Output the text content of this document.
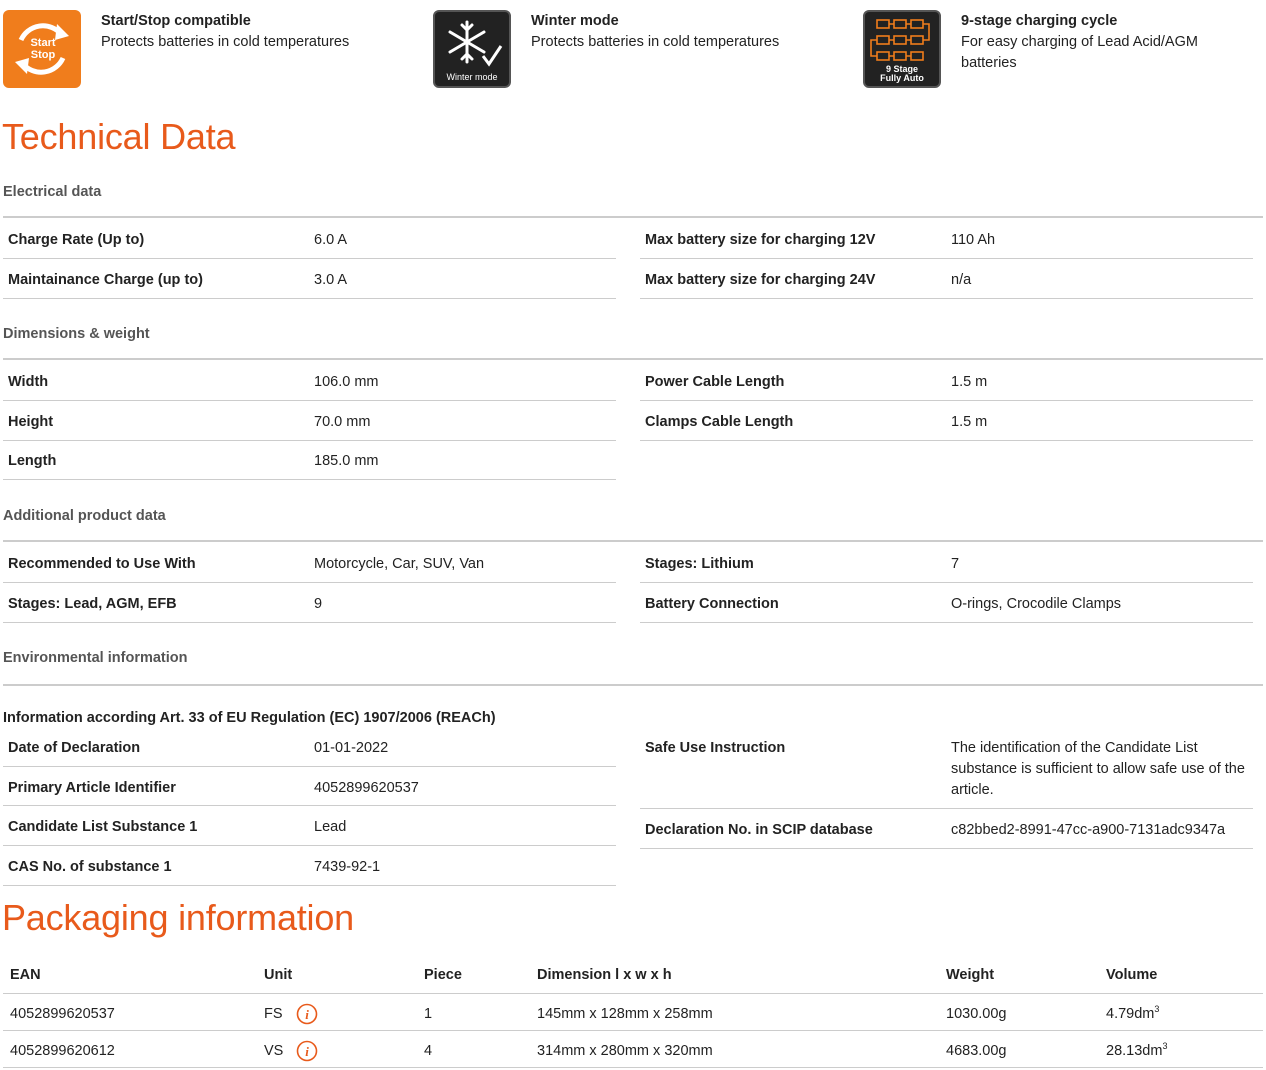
Start
Stop
Start/Stop compatible
Protects batteries in cold temperatures
Winter mode
Winter mode
Protects batteries in cold temperatures
9 Stage
Fully Auto
9-stage charging cycle
For easy charging of Lead Acid/AGM batteries
Technical Data
Electrical data
Charge Rate (Up to)	6.0 A
Maintainance Charge (up to)	3.0 A
Max battery size for charging 12V	110 Ah
Max battery size for charging 24V	n/a
Dimensions & weight
Width	106.0 mm
Height	70.0 mm
Length	185.0 mm
Power Cable Length	1.5 m
Clamps Cable Length	1.5 m
Additional product data
Recommended to Use With	Motorcycle, Car, SUV, Van
Stages: Lead, AGM, EFB	9
Stages: Lithium	7
Battery Connection	O-rings, Crocodile Clamps
Environmental information
Information according Art. 33 of EU Regulation (EC) 1907/2006 (REACh)
Date of Declaration	01-01-2022
Primary Article Identifier	4052899620537
Candidate List Substance 1	Lead
CAS No. of substance 1	7439-92-1
Safe Use Instruction	The identification of the Candidate List substance is sufficient to allow safe use of the article.
Declaration No. in SCIP database	c82bbed2-8991-47cc-a900-7131adc9347a
Packaging information
EAN	Unit	Piece	Dimension l x w x h	Weight	Volume
4052899620537	FS i	1	145mm x 128mm x 258mm	1030.00g	$4.79dm^3$
4052899620612	VS i	4	314mm x 280mm x 320mm	4683.00g	$28.13dm^3$
